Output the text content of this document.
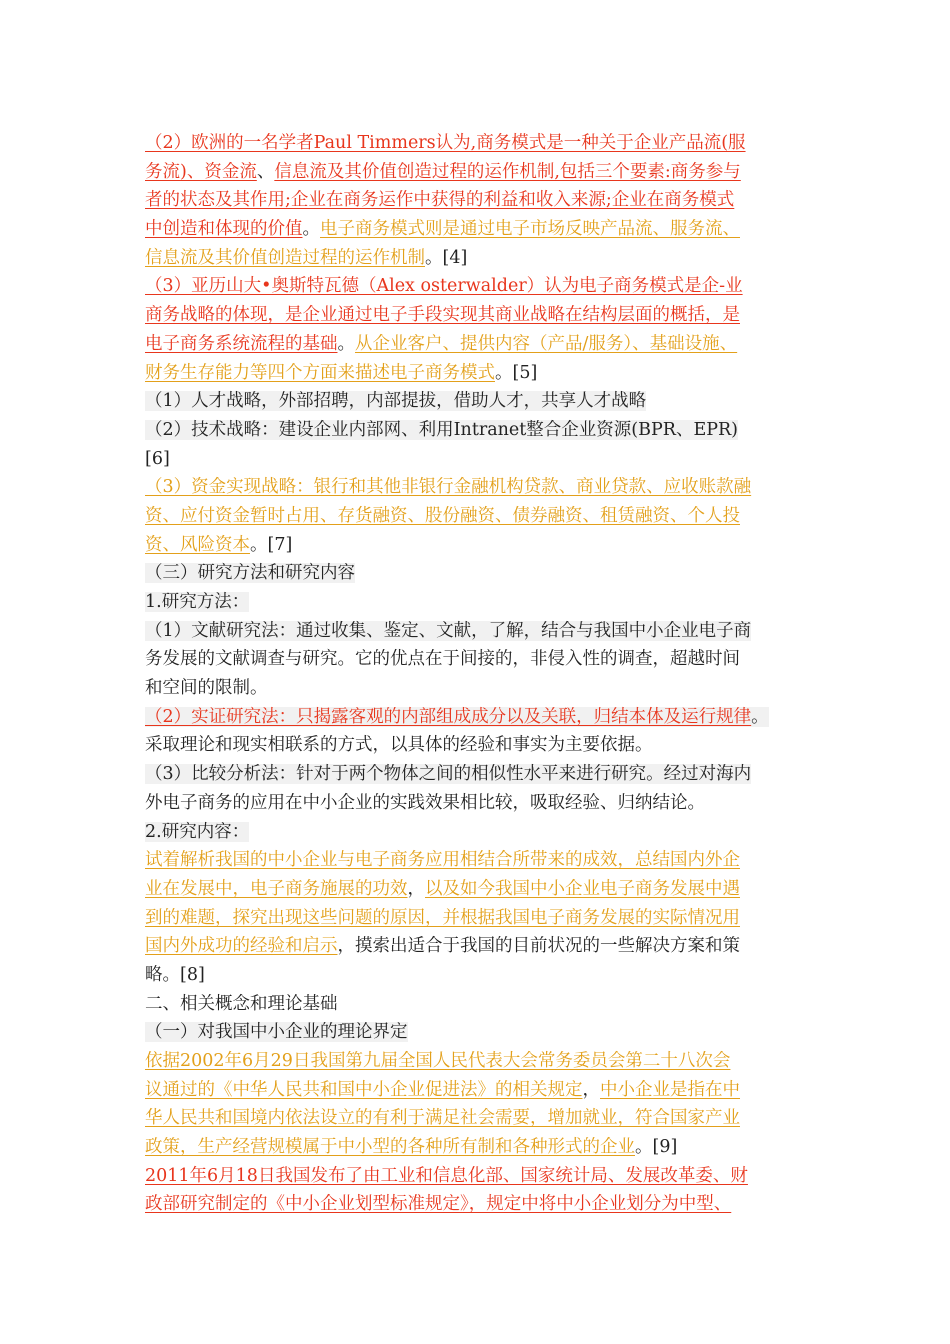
（2）欧洲的一名学者Paul Timmers认为,商务模式是一种关于企业产品流(服
务流)、资金流、信息流及其价值创造过程的运作机制,包括三个要素:商务参与
者的状态及其作用;企业在商务运作中获得的利益和收入来源;企业在商务模式
中创造和体现的价值。电子商务模式则是通过电子市场反映产品流、服务流、
信息流及其价值创造过程的运作机制。[4]
（3）亚历山大•奥斯特瓦德（Alex osterwalder）认为电子商务模式是企-业
商务战略的体现，是企业通过电子手段实现其商业战略在结构层面的概括，是
电子商务系统流程的基础。从企业客户、提供内容（产品/服务）、基础设施、
财务生存能力等四个方面来描述电子商务模式。[5]
（1）人才战略，外部招聘，内部提拔，借助人才，共享人才战略
（2）技术战略：建设企业内部网、利用Intranet整合企业资源(BPR、EPR)
[6]
（3）资金实现战略：银行和其他非银行金融机构贷款、商业贷款、应收账款融
资、应付资金暂时占用、存货融资、股份融资、债券融资、租赁融资、个人投
资、风险资本。[7]
（三）研究方法和研究内容
1.研究方法：
（1）文献研究法：通过收集、鉴定、文献，了解，结合与我国中小企业电子商
务发展的文献调查与研究。它的优点在于间接的，非侵入性的调查，超越时间
和空间的限制。
（2）实证研究法：只揭露客观的内部组成成分以及关联，归结本体及运行规律。
采取理论和现实相联系的方式，以具体的经验和事实为主要依据。
（3）比较分析法：针对于两个物体之间的相似性水平来进行研究。经过对海内
外电子商务的应用在中小企业的实践效果相比较，吸取经验、归纳结论。
2.研究内容：
试着解析我国的中小企业与电子商务应用相结合所带来的成效，总结国内外企
业在发展中，电子商务施展的功效，以及如今我国中小企业电子商务发展中遇
到的难题，探究出现这些问题的原因，并根据我国电子商务发展的实际情况用
国内外成功的经验和启示，摸索出适合于我国的目前状况的一些解决方案和策
略。[8]
二、相关概念和理论基础
（一）对我国中小企业的理论界定
依据2002年6月29日我国第九届全国人民代表大会常务委员会第二十八次会
议通过的《中华人民共和国中小企业促进法》的相关规定，中小企业是指在中
华人民共和国境内依法设立的有利于满足社会需要，增加就业，符合国家产业
政策，生产经营规模属于中小型的各种所有制和各种形式的企业。[9]
2011年6月18日我国发布了由工业和信息化部、国家统计局、发展改革委、财
政部研究制定的《中小企业划型标准规定》，规定中将中小企业划分为中型、
